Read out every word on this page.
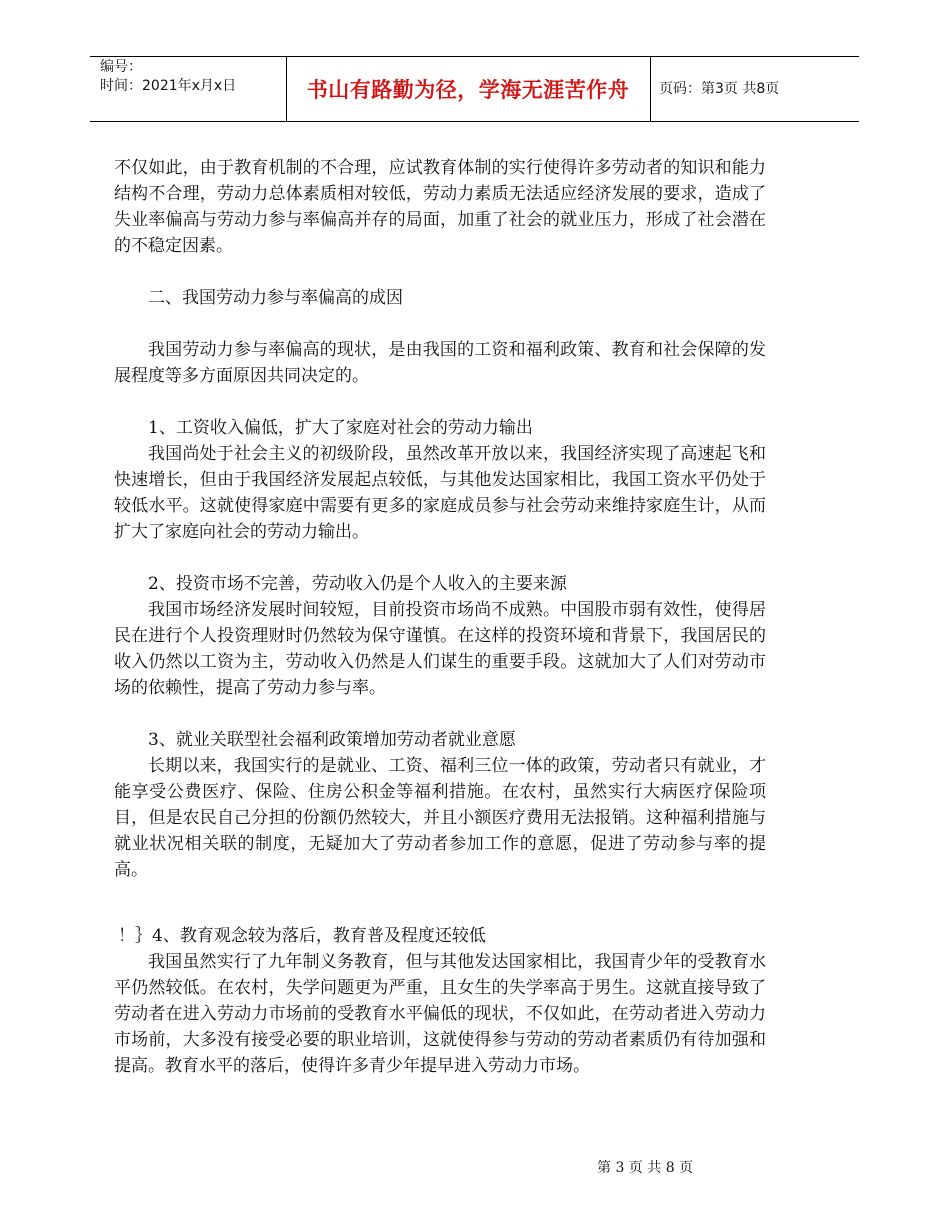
编号：
时间：2021年x月x日	书山有路勤为径，学海无涯苦作舟	页码：第3页 共8页

不仅如此，由于教育机制的不合理，应试教育体制的实行使得许多劳动者的知识和能力结构不合理，劳动力总体素质相对较低，劳动力素质无法适应经济发展的要求，造成了失业率偏高与劳动力参与率偏高并存的局面，加重了社会的就业压力，形成了社会潜在的不稳定因素。

二、我国劳动力参与率偏高的成因

我国劳动力参与率偏高的现状，是由我国的工资和福利政策、教育和社会保障的发展程度等多方面原因共同决定的。

1、工资收入偏低，扩大了家庭对社会的劳动力输出

我国尚处于社会主义的初级阶段，虽然改革开放以来，我国经济实现了高速起飞和快速增长，但由于我国经济发展起点较低，与其他发达国家相比，我国工资水平仍处于较低水平。这就使得家庭中需要有更多的家庭成员参与社会劳动来维持家庭生计，从而扩大了家庭向社会的劳动力输出。

2、投资市场不完善，劳动收入仍是个人收入的主要来源

我国市场经济发展时间较短，目前投资市场尚不成熟。中国股市弱有效性，使得居民在进行个人投资理财时仍然较为保守谨慎。在这样的投资环境和背景下，我国居民的收入仍然以工资为主，劳动收入仍然是人们谋生的重要手段。这就加大了人们对劳动市场的依赖性，提高了劳动力参与率。

3、就业关联型社会福利政策增加劳动者就业意愿

长期以来，我国实行的是就业、工资、福利三位一体的政策，劳动者只有就业，才能享受公费医疗、保险、住房公积金等福利措施。在农村，虽然实行大病医疗保险项目，但是农民自己分担的份额仍然较大，并且小额医疗费用无法报销。这种福利措施与就业状况相关联的制度，无疑加大了劳动者参加工作的意愿，促进了劳动参与率的提高。

！｝4、教育观念较为落后，教育普及程度还较低

我国虽然实行了九年制义务教育，但与其他发达国家相比，我国青少年的受教育水平仍然较低。在农村，失学问题更为严重，且女生的失学率高于男生。这就直接导致了劳动者在进入劳动力市场前的受教育水平偏低的现状，不仅如此，在劳动者进入劳动力市场前，大多没有接受必要的职业培训，这就使得参与劳动的劳动者素质仍有待加强和提高。教育水平的落后，使得许多青少年提早进入劳动力市场。

第 3 页 共 8 页
